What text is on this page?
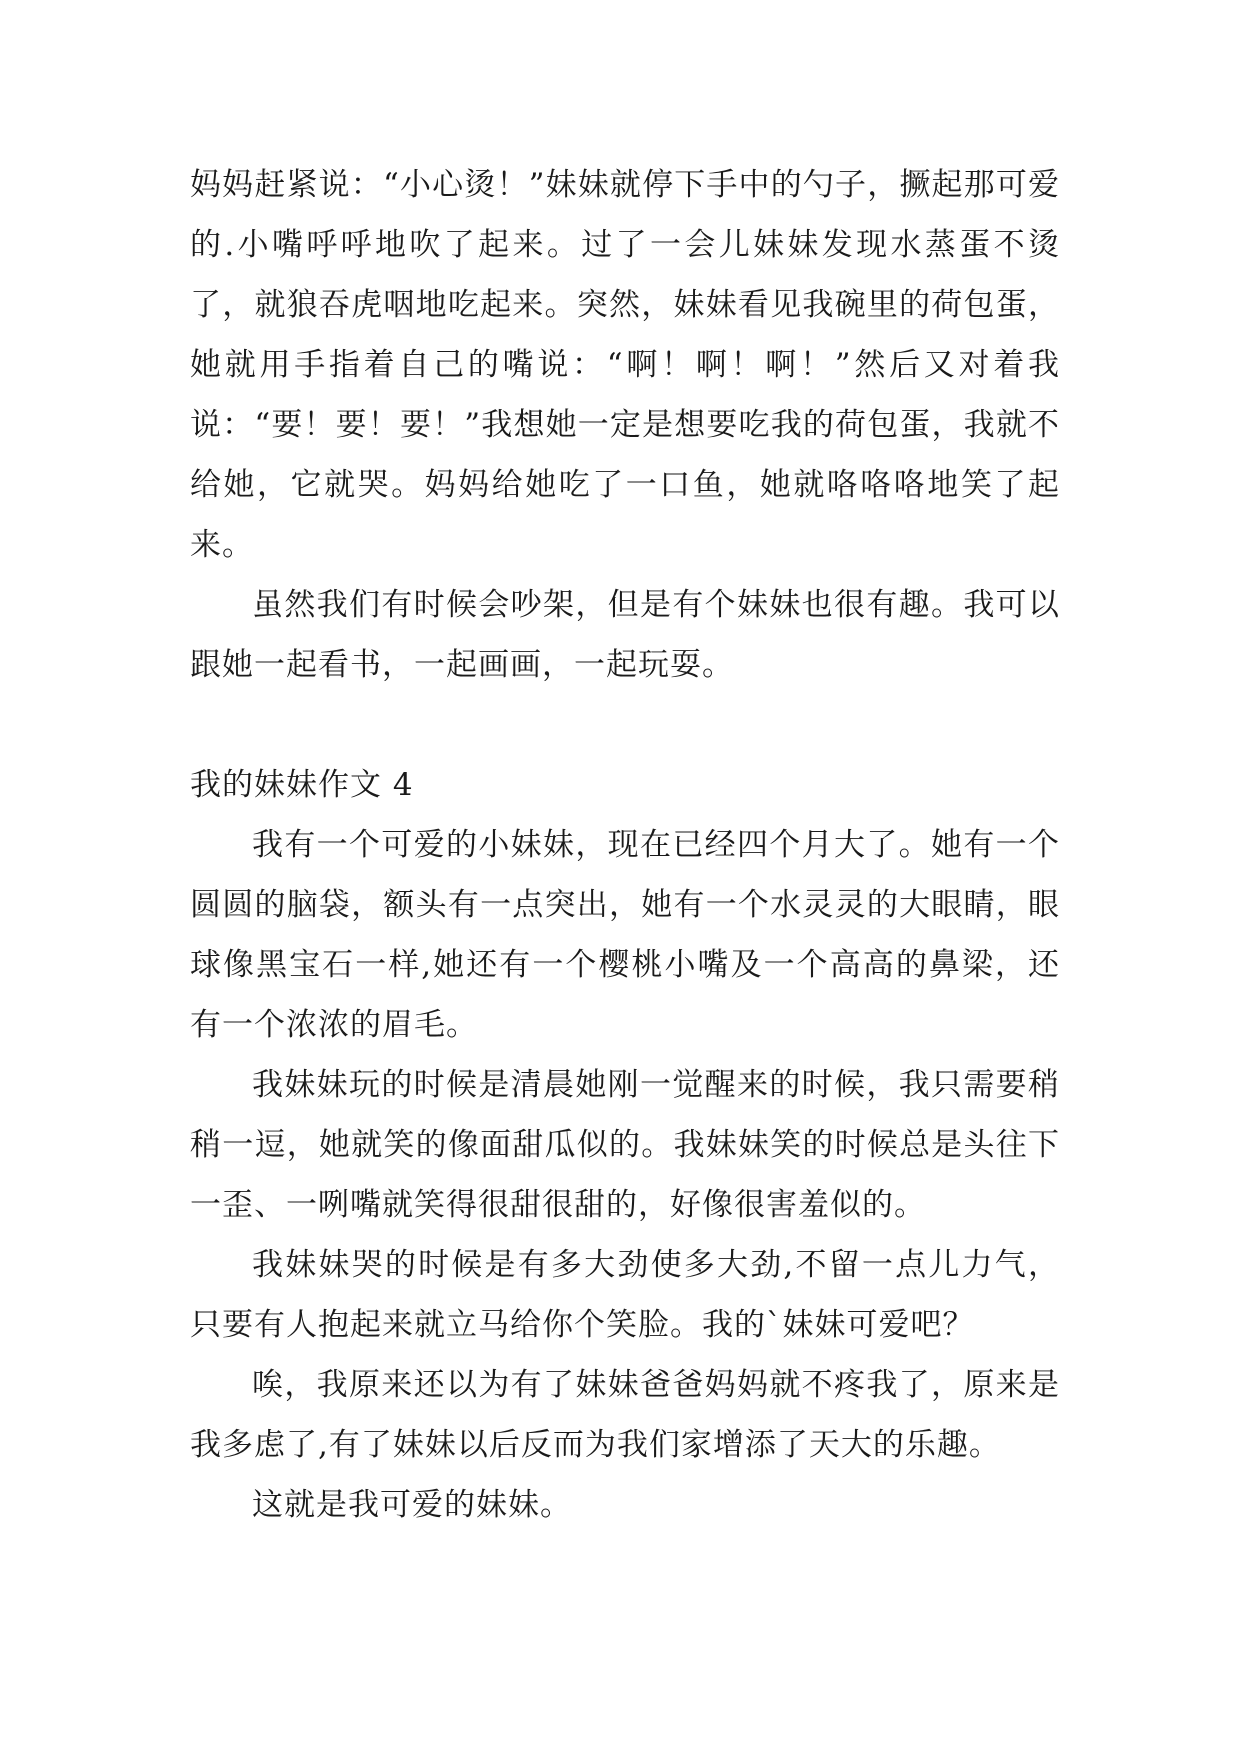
妈妈赶紧说：“小心烫！”妹妹就停下手中的勺子，撅起那可爱的.小嘴呼呼地吹了起来。过了一会儿妹妹发现水蒸蛋不烫了，就狼吞虎咽地吃起来。突然，妹妹看见我碗里的荷包蛋，她就用手指着自己的嘴说：“啊！啊！啊！”然后又对着我说：“要！要！要！”我想她一定是想要吃我的荷包蛋，我就不给她，它就哭。妈妈给她吃了一口鱼，她就咯咯咯地笑了起来。

虽然我们有时候会吵架，但是有个妹妹也很有趣。我可以跟她一起看书，一起画画，一起玩耍。

我的妹妹作文 4

我有一个可爱的小妹妹，现在已经四个月大了。她有一个圆圆的脑袋，额头有一点突出，她有一个水灵灵的大眼睛，眼球像黑宝石一样,她还有一个樱桃小嘴及一个高高的鼻梁，还有一个浓浓的眉毛。

我妹妹玩的时候是清晨她刚一觉醒来的时候，我只需要稍稍一逗，她就笑的像面甜瓜似的。我妹妹笑的时候总是头往下一歪、一咧嘴就笑得很甜很甜的，好像很害羞似的。

我妹妹哭的时候是有多大劲使多大劲,不留一点儿力气，只要有人抱起来就立马给你个笑脸。我的`妹妹可爱吧？

唉，我原来还以为有了妹妹爸爸妈妈就不疼我了，原来是我多虑了,有了妹妹以后反而为我们家增添了天大的乐趣。

这就是我可爱的妹妹。
